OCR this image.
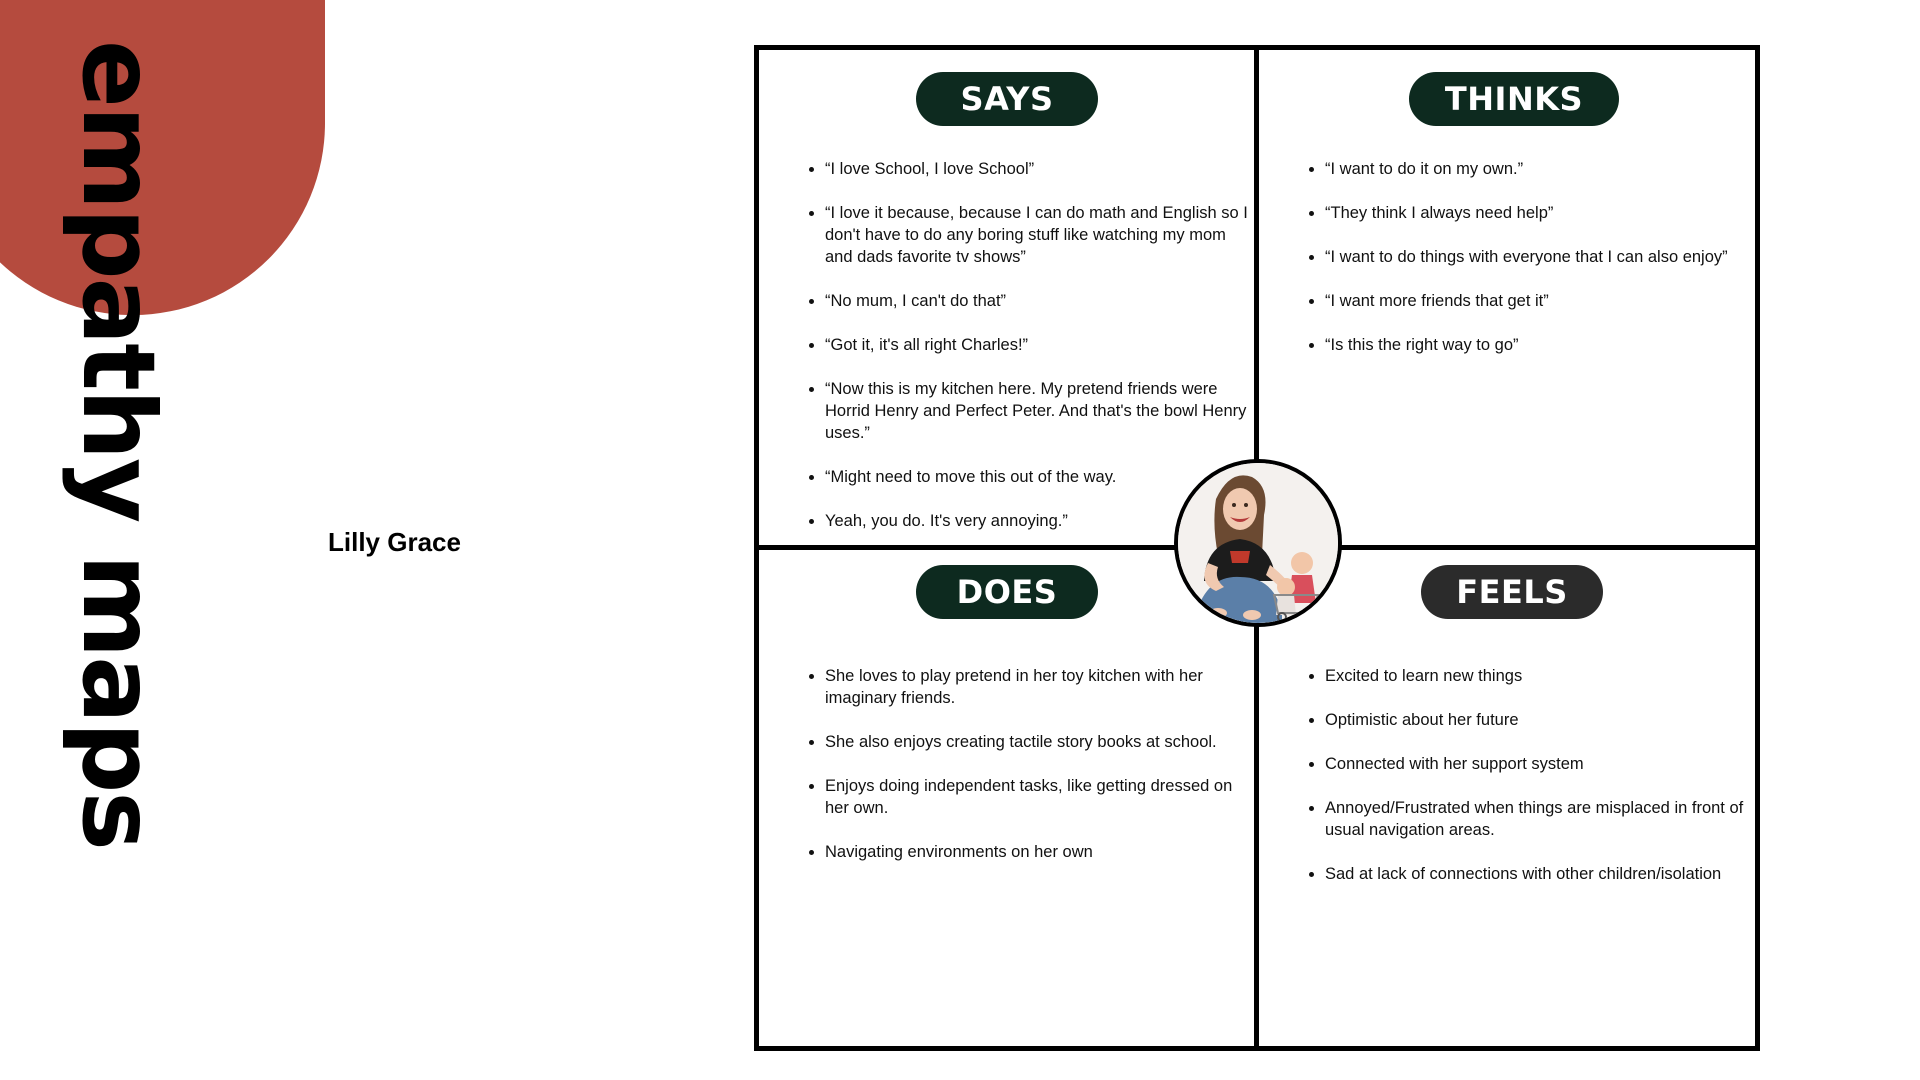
empathy maps	Lilly Grace
SAYS
• “I love School, I love School”
• “I love it because, because I can do math and English so I don't have to do any boring stuff like watching my mom and dads favorite tv shows”
• “No mum, I can't do that”
• “Got it, it's all right Charles!”
• “Now this is my kitchen here. My pretend friends were Horrid Henry and Perfect Peter. And that's the bowl Henry uses.”
• “Might need to move this out of the way.
• Yeah, you do. It's very annoying.”
THINKS
• “I want to do it on my own.”
• “They think I always need help”
• “I want to do things with everyone that I can also enjoy”
• “I want more friends that get it”
• “Is this the right way to go”
DOES
• She loves to play pretend in her toy kitchen with her imaginary friends.
• She also enjoys creating tactile story books at school.
• Enjoys doing independent tasks, like getting dressed on her own.
• Navigating environments on her own
FEELS
• Excited to learn new things
• Optimistic about her future
• Connected with her support system
• Annoyed/Frustrated when things are misplaced in front of usual navigation areas.
• Sad at lack of connections with other children/isolation
